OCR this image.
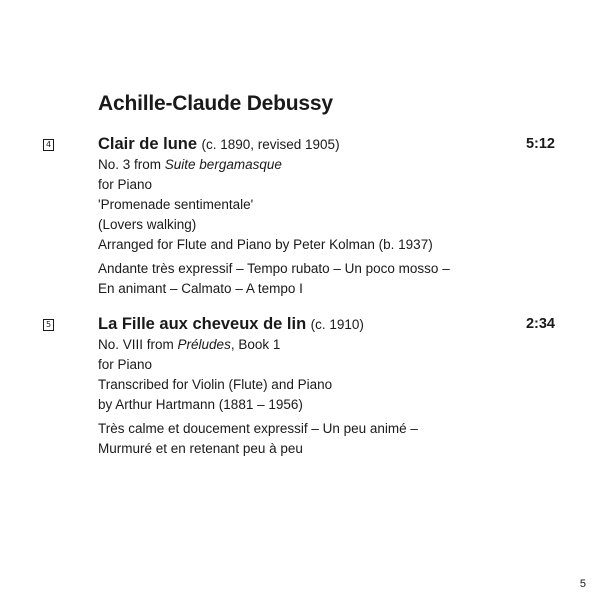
Achille-Claude Debussy
4	Clair de lune (c. 1890, revised 1905)	5:12
No. 3 from Suite bergamasque
for Piano
'Promenade sentimentale'
(Lovers walking)
Arranged for Flute and Piano by Peter Kolman (b. 1937)
Andante très expressif – Tempo rubato – Un poco mosso –
En animant – Calmato – A tempo I
5	La Fille aux cheveux de lin (c. 1910)	2:34
No. VIII from Préludes, Book 1
for Piano
Transcribed for Violin (Flute) and Piano
by Arthur Hartmann (1881 – 1956)
Très calme et doucement expressif – Un peu animé –
Murmuré et en retenant peu à peu
5
